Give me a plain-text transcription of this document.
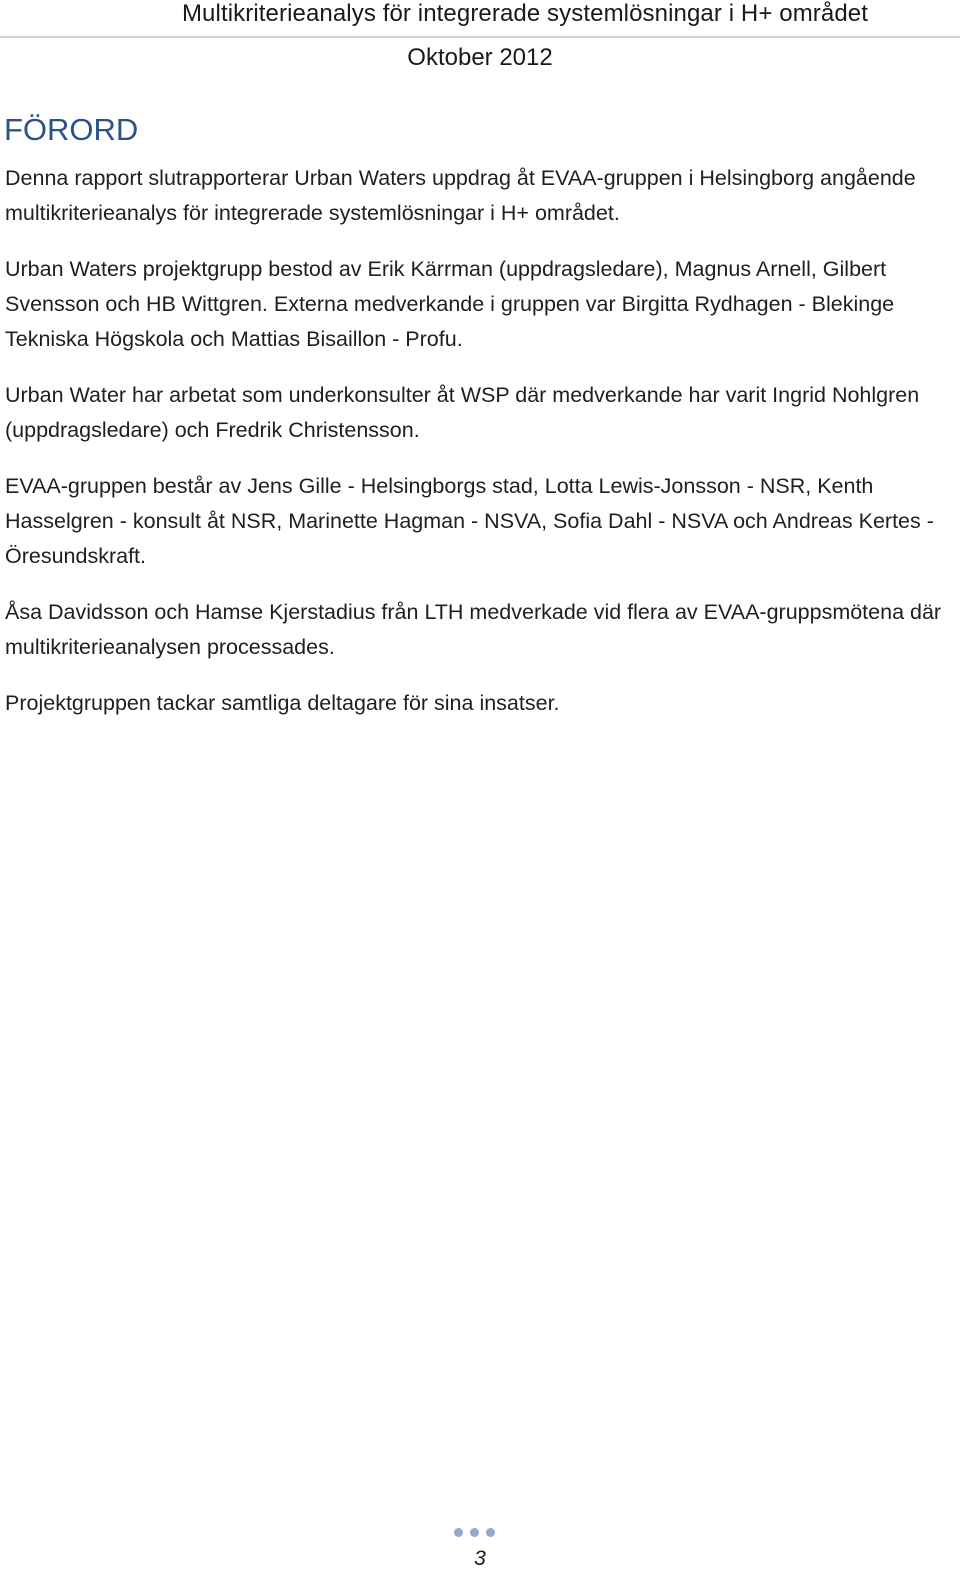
Multikriterieanalys för integrerade systemlösningar i H+ området
Oktober 2012
FÖRORD

Denna rapport slutrapporterar Urban Waters uppdrag åt EVAA-gruppen i Helsingborg angående multikriterieanalys för integrerade systemlösningar i H+ området.

Urban Waters projektgrupp bestod av Erik Kärrman (uppdragsledare), Magnus Arnell, Gilbert Svensson och HB Wittgren. Externa medverkande i gruppen var Birgitta Rydhagen - Blekinge Tekniska Högskola och Mattias Bisaillon - Profu.

Urban Water har arbetat som underkonsulter åt WSP där medverkande har varit Ingrid Nohlgren (uppdragsledare) och Fredrik Christensson.

EVAA-gruppen består av Jens Gille - Helsingborgs stad, Lotta Lewis-Jonsson - NSR, Kenth Hasselgren - konsult åt NSR, Marinette Hagman - NSVA, Sofia Dahl - NSVA och Andreas Kertes - Öresundskraft.

Åsa Davidsson och Hamse Kjerstadius från LTH medverkade vid flera av EVAA-gruppsmötena där multikriterieanalysen processades.

Projektgruppen tackar samtliga deltagare för sina insatser.

3
